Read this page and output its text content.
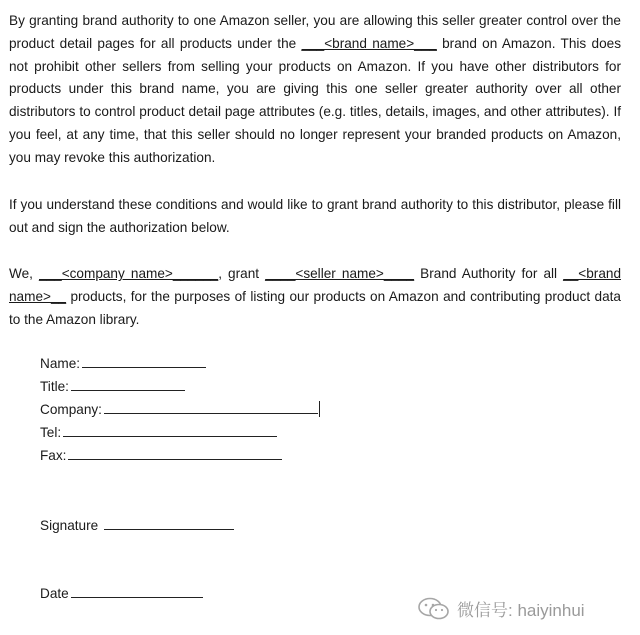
By granting brand authority to one Amazon seller, you are allowing this seller greater control over the product detail pages for all products under the ___<brand name>___ brand on Amazon. This does not prohibit other sellers from selling your products on Amazon. If you have other distributors for products under this brand name, you are giving this one seller greater authority over all other distributors to control product detail page attributes (e.g. titles, details, images, and other attributes). If you feel, at any time, that this seller should no longer represent your branded products on Amazon, you may revoke this authorization.

If you understand these conditions and would like to grant brand authority to this distributor, please fill out and sign the authorization below.

We, ___<company name>______, grant ____<seller name>____ Brand Authority for all __<brand name>__ products, for the purposes of listing our products on Amazon and contributing product data to the Amazon library.

Name:
Title:
Company:
Tel:
Fax:
Signature
Date
微信号: haiyinhui
